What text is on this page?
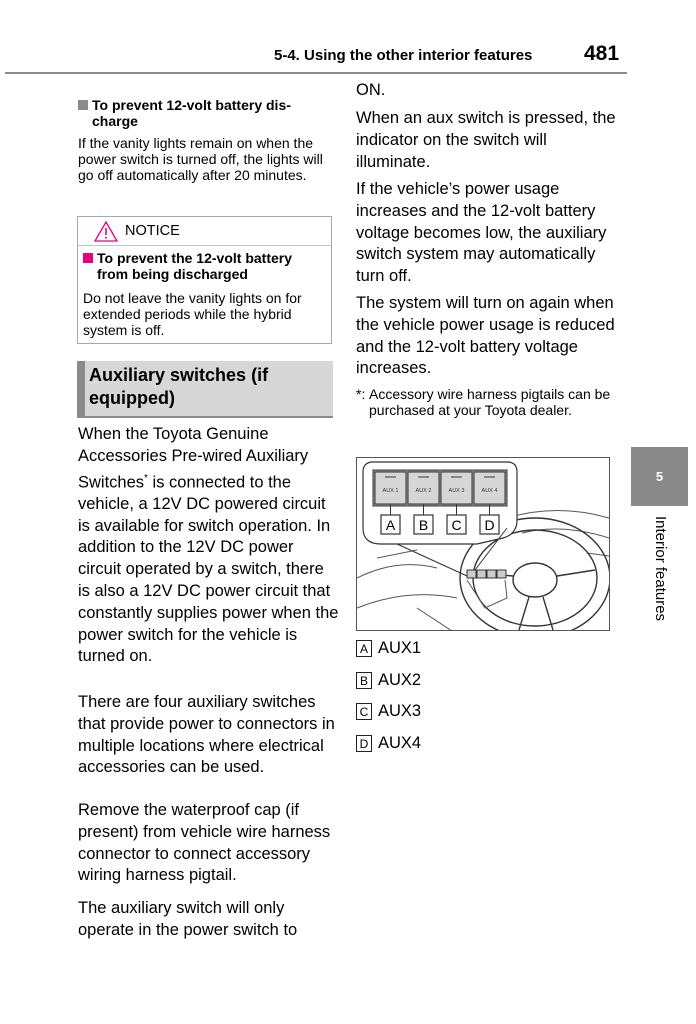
5-4. Using the other interior features 481
5
Interior features
To prevent 12-volt battery dis-
charge
If the vanity lights remain on when the power switch is turned off, the lights will go off automatically after 20 minutes.
NOTICE
To prevent the 12-volt battery
from being discharged
Do not leave the vanity lights on for extended periods while the hybrid system is off.
Auxiliary switches (if equipped)
When the Toyota Genuine Accessories Pre-wired Auxiliary Switches* is connected to the vehicle, a 12V DC powered circuit is available for switch operation. In addition to the 12V DC power circuit operated by a switch, there is also a 12V DC power circuit that constantly supplies power when the power switch for the vehicle is turned on.
There are four auxiliary switches that provide power to connectors in multiple locations where electrical accessories can be used.
Remove the waterproof cap (if present) from vehicle wire harness connector to connect accessory wiring harness pigtail.
The auxiliary switch will only operate in the power switch to
ON.
When an aux switch is pressed, the indicator on the switch will illuminate.
If the vehicle’s power usage increases and the 12-volt battery voltage becomes low, the auxiliary switch system may automatically turn off.
The system will turn on again when the vehicle power usage is reduced and the 12-volt battery voltage increases.
*: Accessory wire harness pigtails can be purchased at your Toyota dealer.
AUX 1	AUX 2	AUX 3	AUX 4
A B C D
A AUX1
B AUX2
C AUX3
D AUX4
